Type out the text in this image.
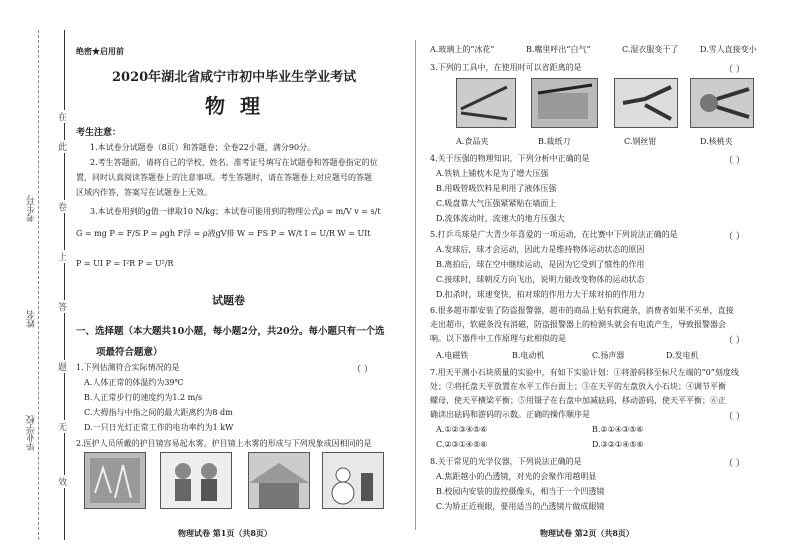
在
此
卷
上
答
题
无
效
考生号
姓名
毕业学校
绝密★启用前
2020年湖北省咸宁市初中毕业生学业考试
物 理
考生注意：
1.本试卷分试题卷（8页）和答题卷；全卷22小题，满分90分。
2.考生答题前，请将自己的学校、姓名、准考证号填写在试题卷和答题卷指定的位
置，同时认真阅读答题卷上的注意事项。考生答题时，请在答题卷上对应题号的答题
区域内作答，答案写在试题卷上无效。
3.本试卷用到的g值一律取10 N/kg；本试卷可能用到的物理公式ρ = m/V v = s/t
G = mg P = F/S P = ρgh F浮 = ρ液gV排 W = FS P = W/t I = U/R W = UIt
P = UI P = I²R P = U²/R
试题卷
一、选择题（本大题共10小题，每小题2分，共20分。每小题只有一个选
项最符合题意）
1.下列估测符合实际情况的是	（ ）
A.人体正常的体温约为39℃
B.人正常步行的速度约为1.2 m/s
C.大拇指与中指之间的最大距离约为8 dm
D.一只日光灯正常工作的电功率约为1 kW
2.医护人员所戴的护目镜容易起水雾。护目镜上水雾的形成与下列现象成因相同的是
物理试卷 第1页（共8页）
A.玻璃上的“冰花”	B.嘴里呼出“白气”	C.湿衣服变干了	D.雪人直接变小
3.下列的工具中，在使用时可以省距离的是	（ ）
A.食品夹	B.裁纸刀	C.钢丝钳	D.核桃夹
4.关于压强的物理知识，下列分析中正确的是	（ ）
A.铁轨上铺枕木是为了增大压强
B.用吸管吸饮料是利用了液体压强
C.吸盘靠大气压强紧紧贴在墙面上
D.流体流动时，流速大的地方压强大
5.打乒乓球是广大青少年喜爱的一项运动，在比赛中下列说法正确的是	（ ）
A.发球后，球才会运动，因此力是维持物体运动状态的原因
B.离拍后，球在空中继续运动，是因为它受到了惯性的作用
C.接球时，球朝反方向飞出，说明力能改变物体的运动状态
D.扣杀时，球速变快，拍对球的作用力大于球对拍的作用力
6.很多超市都安装了防盗报警器，超市的商品上贴有软磁条，消费者如果不买单，直接
走出超市，软磁条没有消磁，防盗报警器上的检测头就会有电流产生，导致报警器会
响。以下器件中工作原理与此相似的是	（ ）
A.电磁铁	B.电动机	C.扬声器	D.发电机
7.用天平测小石块质量的实验中，有如下实验计划：①将游码移至标尺左端的“0”刻度线
处；②将托盘天平放置在水平工作台面上；③在天平的左盘放入小石块；④调节平衡
螺母，使天平横梁平衡；⑤用镊子在右盘中加减砝码，移动游码，使天平平衡；⑥正
确读出砝码和游码的示数。正确的操作顺序是	（ ）
A.①②③④⑤⑥	B.②①④③⑤⑥
C.②③①④⑤⑥	D.③②①④⑤⑥
8.关于常见的光学仪器，下列说法正确的是	（ ）
A.焦距越小的凸透镜，对光的会聚作用越明显
B.校园内安装的监控摄像头，相当于一个凹透镜
C.为矫正近视眼，要用适当的凸透镜片做成眼镜
物理试卷 第2页（共8页）
